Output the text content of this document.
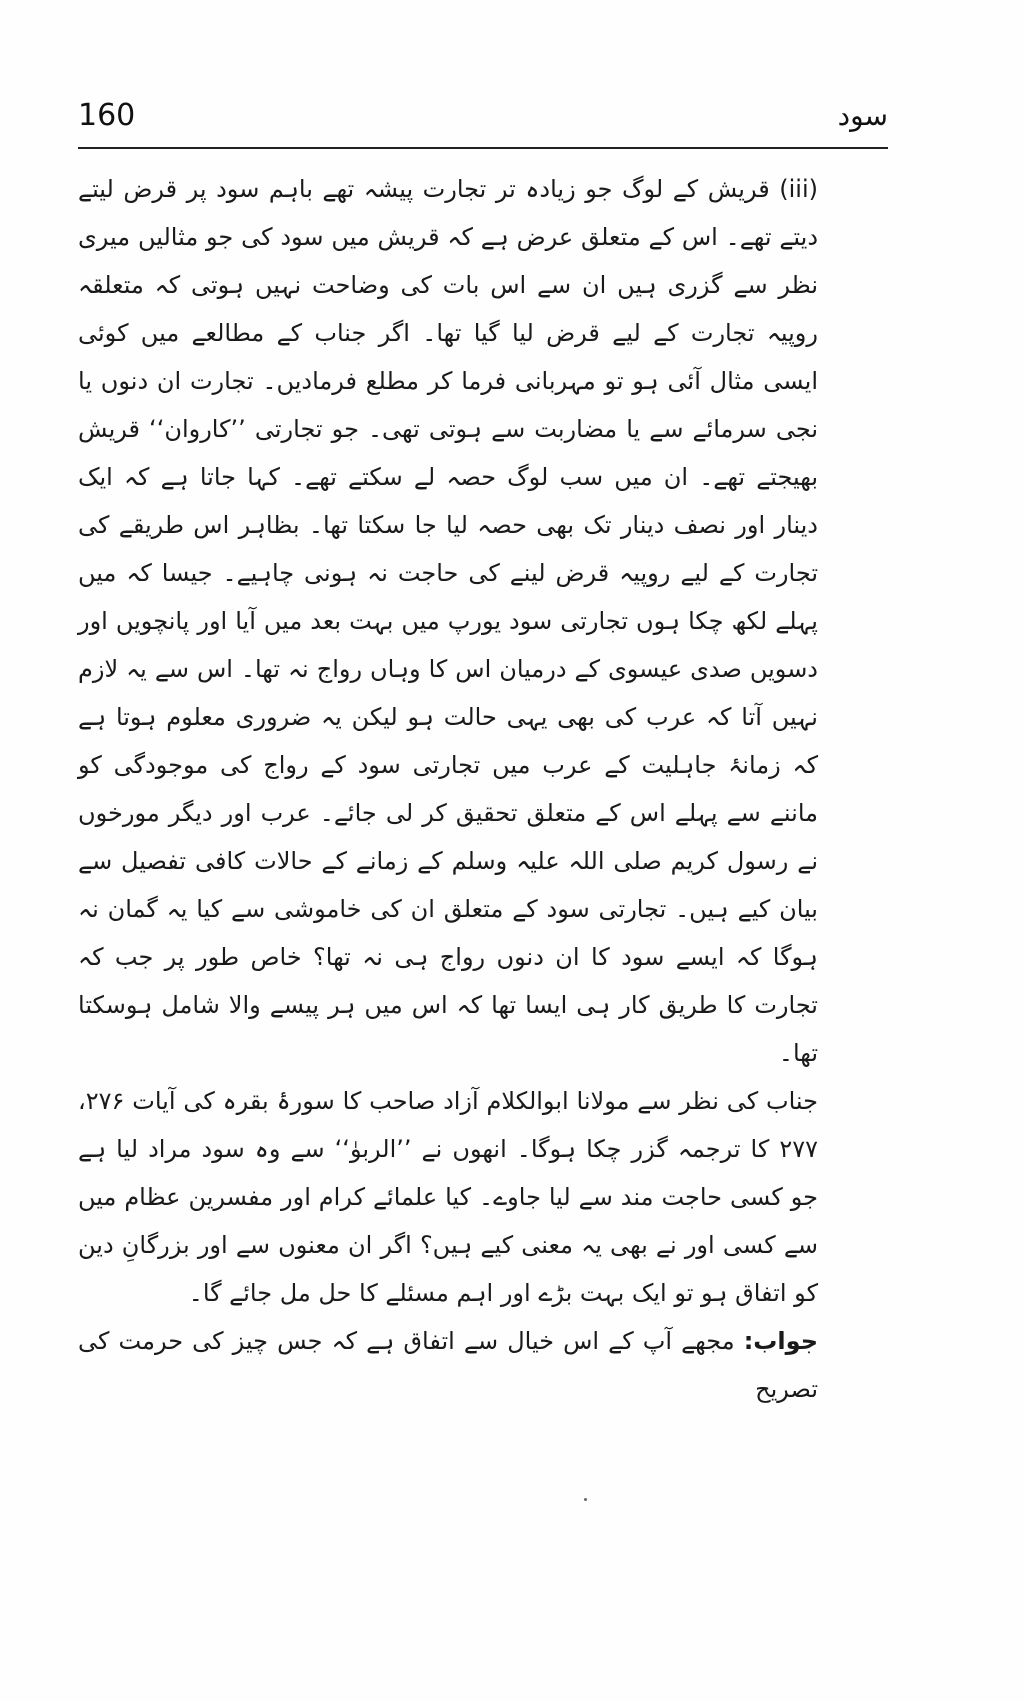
160	سود

(iii) قریش کے لوگ جو زیادہ تر تجارت پیشہ تھے باہم سود پر قرض لیتے دیتے تھے۔ اس کے متعلق عرض ہے کہ قریش میں سود کی جو مثالیں میری نظر سے گزری ہیں ان سے اس بات کی وضاحت نہیں ہوتی کہ متعلقہ روپیہ تجارت کے لیے قرض لیا گیا تھا۔ اگر جناب کے مطالعے میں کوئی ایسی مثال آئی ہو تو مہربانی فرما کر مطلع فرمادیں۔ تجارت ان دنوں یا نجی سرمائے سے یا مضاربت سے ہوتی تھی۔ جو تجارتی ’’کاروان‘‘ قریش بھیجتے تھے۔ ان میں سب لوگ حصہ لے سکتے تھے۔ کہا جاتا ہے کہ ایک دینار اور نصف دینار تک بھی حصہ لیا جا سکتا تھا۔ بظاہر اس طریقے کی تجارت کے لیے روپیہ قرض لینے کی حاجت نہ ہونی چاہیے۔ جیسا کہ میں پہلے لکھ چکا ہوں تجارتی سود یورپ میں بہت بعد میں آیا اور پانچویں اور دسویں صدی عیسوی کے درمیان اس کا وہاں رواج نہ تھا۔ اس سے یہ لازم نہیں آتا کہ عرب کی بھی یہی حالت ہو لیکن یہ ضروری معلوم ہوتا ہے کہ زمانۂ جاہلیت کے عرب میں تجارتی سود کے رواج کی موجودگی کو ماننے سے پہلے اس کے متعلق تحقیق کر لی جائے۔ عرب اور دیگر مورخوں نے رسول کریم صلی اللہ علیہ وسلم کے زمانے کے حالات کافی تفصیل سے بیان کیے ہیں۔ تجارتی سود کے متعلق ان کی خاموشی سے کیا یہ گمان نہ ہوگا کہ ایسے سود کا ان دنوں رواج ہی نہ تھا؟ خاص طور پر جب کہ تجارت کا طریق کار ہی ایسا تھا کہ اس میں ہر پیسے والا شامل ہوسکتا تھا۔

جناب کی نظر سے مولانا ابوالکلام آزاد صاحب کا سورۂ بقرہ کی آیات ۲۷۶، ۲۷۷ کا ترجمہ گزر چکا ہوگا۔ انھوں نے ’’الربوٰ‘‘ سے وہ سود مراد لیا ہے جو کسی حاجت مند سے لیا جاوے۔ کیا علمائے کرام اور مفسرین عظام میں سے کسی اور نے بھی یہ معنی کیے ہیں؟ اگر ان معنوں سے اور بزرگانِ دین کو اتفاق ہو تو ایک بہت بڑے اور اہم مسئلے کا حل مل جائے گا۔

جواب: مجھے آپ کے اس خیال سے اتفاق ہے کہ جس چیز کی حرمت کی تصریح
